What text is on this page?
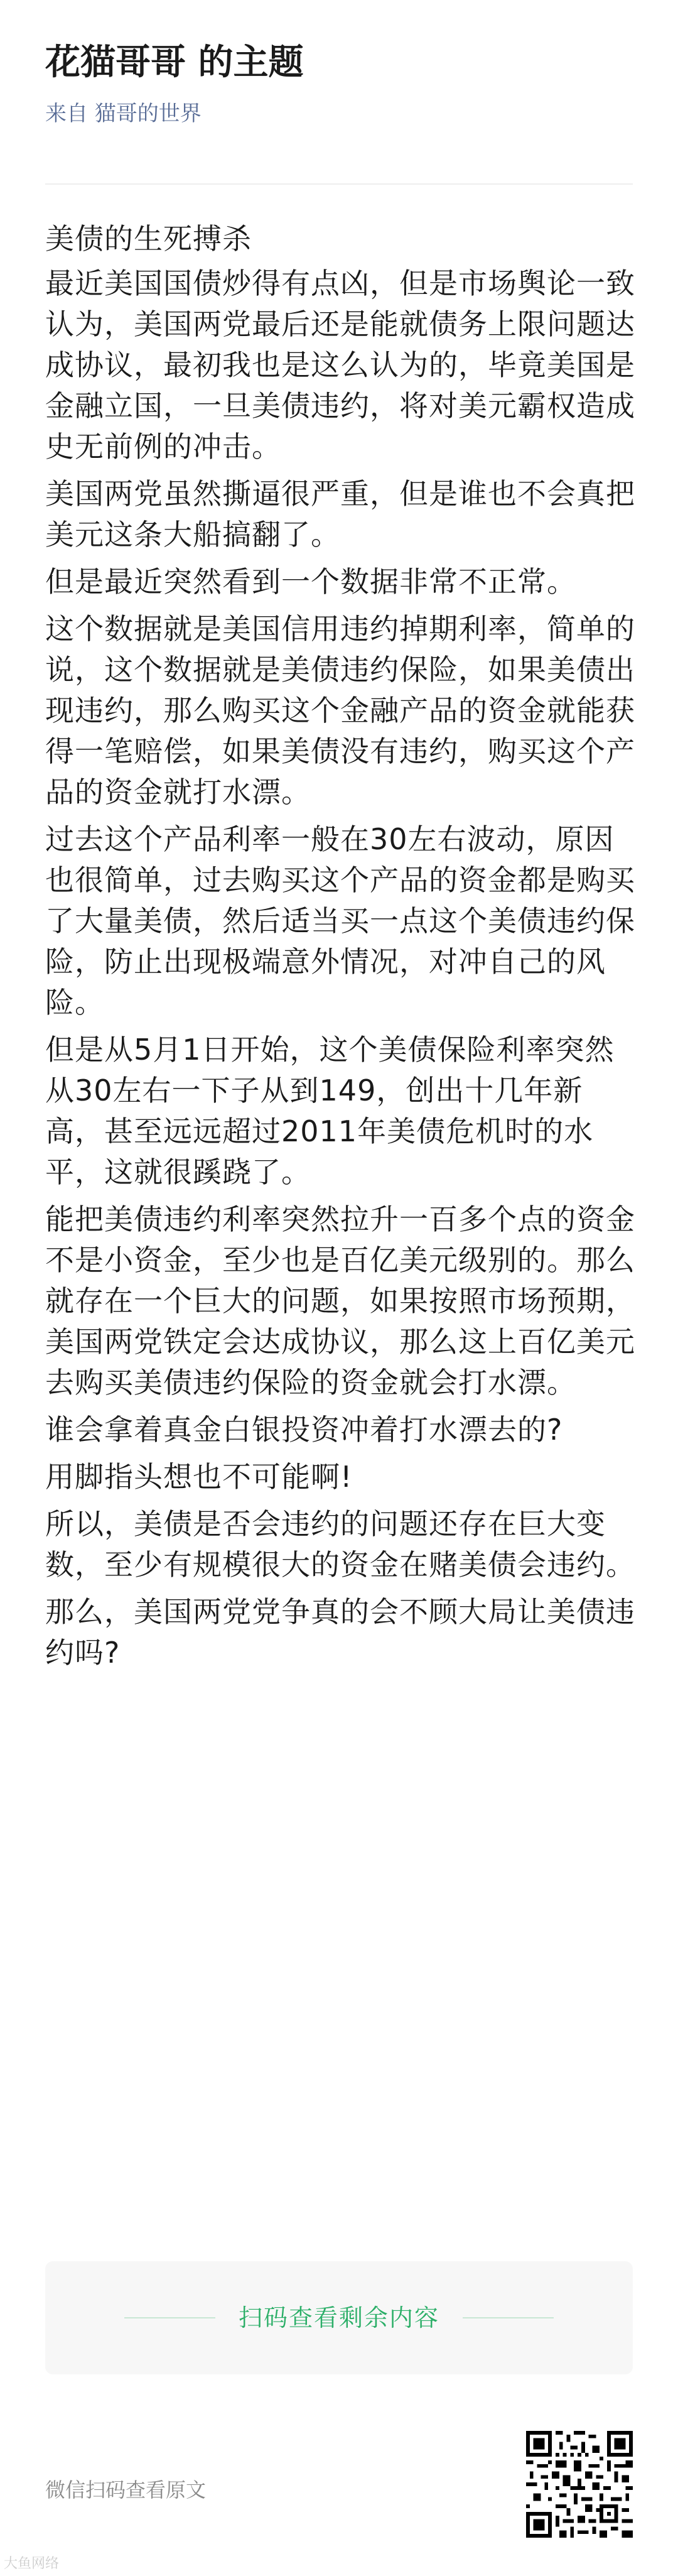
花猫哥哥 的主题
来自 猫哥的世界

美债的生死搏杀

最近美国国债炒得有点凶，但是市场舆论一致认为，美国两党最后还是能就债务上限问题达成协议，最初我也是这么认为的，毕竟美国是金融立国，一旦美债违约，将对美元霸权造成史无前例的冲击。

美国两党虽然撕逼很严重，但是谁也不会真把美元这条大船搞翻了。

但是最近突然看到一个数据非常不正常。

这个数据就是美国信用违约掉期利率，简单的说，这个数据就是美债违约保险，如果美债出现违约，那么购买这个金融产品的资金就能获得一笔赔偿，如果美债没有违约，购买这个产品的资金就打水漂。

过去这个产品利率一般在30左右波动，原因也很简单，过去购买这个产品的资金都是购买了大量美债，然后适当买一点这个美债违约保险，防止出现极端意外情况，对冲自己的风险。

但是从5月1日开始，这个美债保险利率突然从30左右一下子从到149，创出十几年新高，甚至远远超过2011年美债危机时的水平，这就很蹊跷了。

能把美债违约利率突然拉升一百多个点的资金不是小资金，至少也是百亿美元级别的。那么就存在一个巨大的问题，如果按照市场预期，美国两党铁定会达成协议，那么这上百亿美元去购买美债违约保险的资金就会打水漂。

谁会拿着真金白银投资冲着打水漂去的?

用脚指头想也不可能啊!

所以，美债是否会违约的问题还存在巨大变数，至少有规模很大的资金在赌美债会违约。

那么，美国两党党争真的会不顾大局让美债违约吗?

扫码查看剩余内容
微信扫码查看原文
大鱼网络
